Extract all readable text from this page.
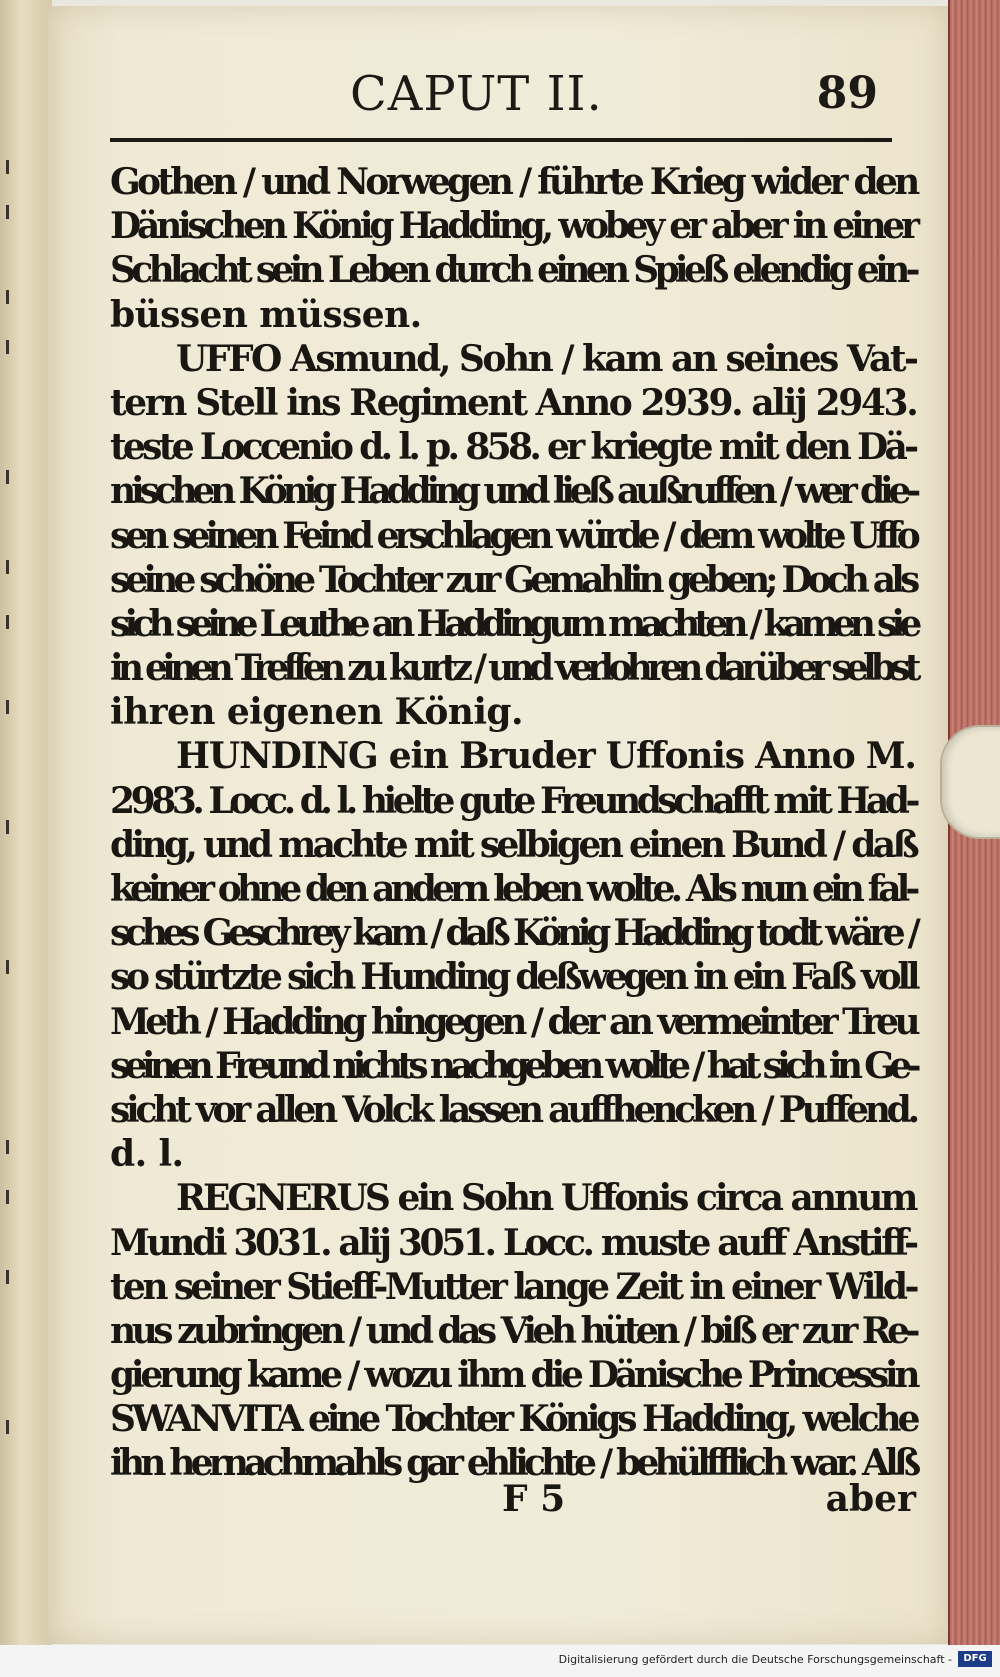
CAPUT II.	89
Gothen / und Norwegen / führte Krieg wider den
Dänischen König Hadding, wobey er aber in einer
Schlacht sein Leben durch einen Spieß elendig ein-
büssen müssen.
UFFO Asmund, Sohn / kam an seines Vat-
tern Stell ins Regiment Anno 2939. alij 2943.
teste Loccenio d. l. p. 858. er kriegte mit den Dä-
nischen König Hadding und ließ außruffen / wer die-
sen seinen Feind erschlagen würde / dem wolte Uffo
seine schöne Tochter zur Gemahlin geben; Doch als
sich seine Leuthe an Haddingum machten / kamen sie
in einen Treffen zu kurtz / und verlohren darüber selbst
ihren eigenen König.
HUNDING ein Bruder Uffonis Anno M.
2983. Locc. d. l. hielte gute Freundschafft mit Had-
ding, und machte mit selbigen einen Bund / daß
keiner ohne den andern leben wolte. Als nun ein fal-
sches Geschrey kam / daß König Hadding todt wäre /
so stürtzte sich Hunding deßwegen in ein Faß voll
Meth / Hadding hingegen / der an vermeinter Treu
seinen Freund nichts nachgeben wolte / hat sich in Ge-
sicht vor allen Volck lassen auffhencken / Puffend.
d. l.
REGNERUS ein Sohn Uffonis circa annum
Mundi 3031. alij 3051. Locc. muste auff Anstiff-
ten seiner Stieff-Mutter lange Zeit in einer Wild-
nus zubringen / und das Vieh hüten / biß er zur Re-
gierung kame / wozu ihm die Dänische Princessin
SWANVITA eine Tochter Königs Hadding, welche
ihn hernachmahls gar ehlichte / behülfflich war. Alß
F 5	aber
Digitalisierung gefördert durch die Deutsche Forschungsgemeinschaft -	DFG
